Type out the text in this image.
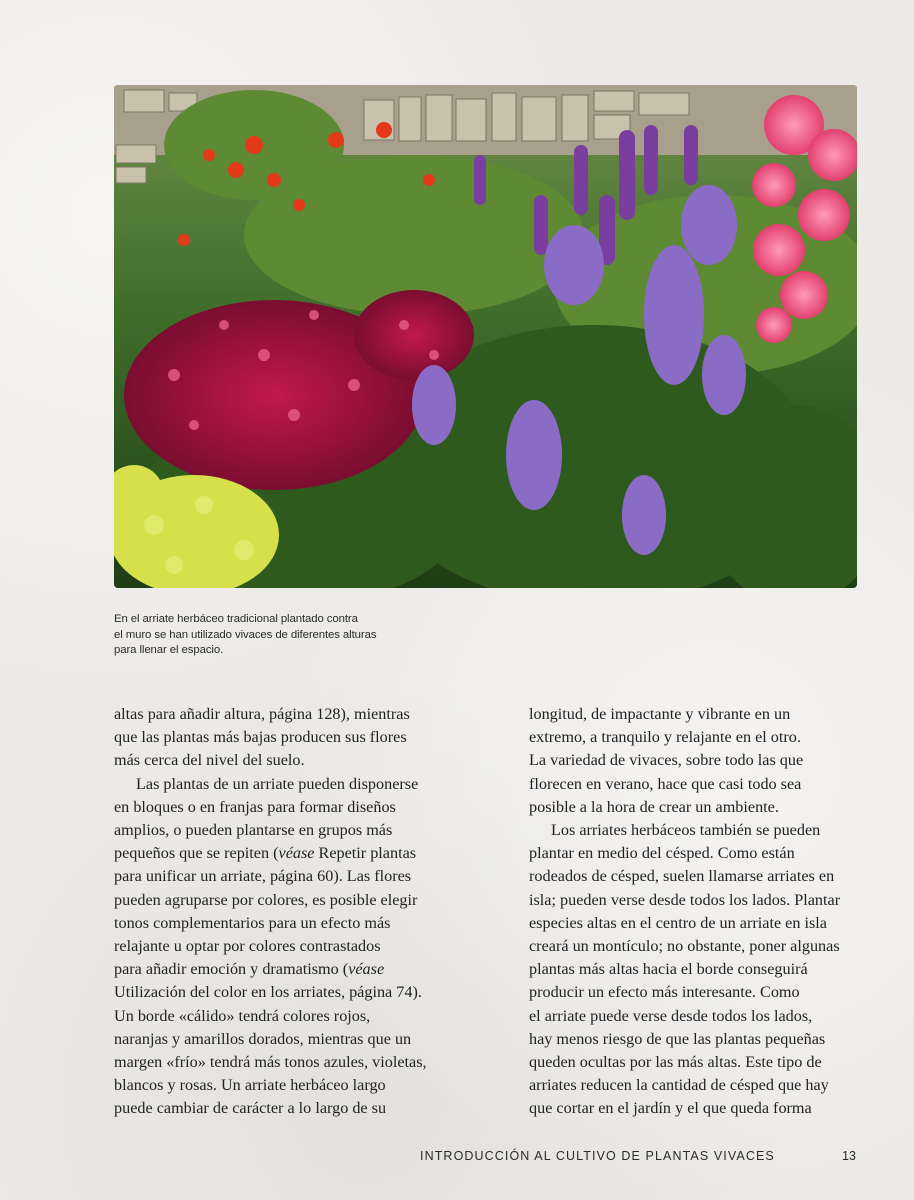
En el arriate herbáceo tradicional plantado contra
el muro se han utilizado vivaces de diferentes alturas
para llenar el espacio.

altas para añadir altura, página 128), mientras
que las plantas más bajas producen sus flores
más cerca del nivel del suelo.

Las plantas de un arriate pueden disponerse
en bloques o en franjas para formar diseños
amplios, o pueden plantarse en grupos más
pequeños que se repiten (véase Repetir plantas
para unificar un arriate, página 60). Las flores
pueden agruparse por colores, es posible elegir
tonos complementarios para un efecto más
relajante u optar por colores contrastados
para añadir emoción y dramatismo (véase
Utilización del color en los arriates, página 74).
Un borde «cálido» tendrá colores rojos,
naranjas y amarillos dorados, mientras que un
margen «frío» tendrá más tonos azules, violetas,
blancos y rosas. Un arriate herbáceo largo
puede cambiar de carácter a lo largo de su

longitud, de impactante y vibrante en un
extremo, a tranquilo y relajante en el otro.
La variedad de vivaces, sobre todo las que
florecen en verano, hace que casi todo sea
posible a la hora de crear un ambiente.

Los arriates herbáceos también se pueden
plantar en medio del césped. Como están
rodeados de césped, suelen llamarse arriates en
isla; pueden verse desde todos los lados. Plantar
especies altas en el centro de un arriate en isla
creará un montículo; no obstante, poner algunas
plantas más altas hacia el borde conseguirá
producir un efecto más interesante. Como
el arriate puede verse desde todos los lados,
hay menos riesgo de que las plantas pequeñas
queden ocultas por las más altas. Este tipo de
arriates reducen la cantidad de césped que hay
que cortar en el jardín y el que queda forma

INTRODUCCIÓN AL CULTIVO DE PLANTAS VIVACES	13
